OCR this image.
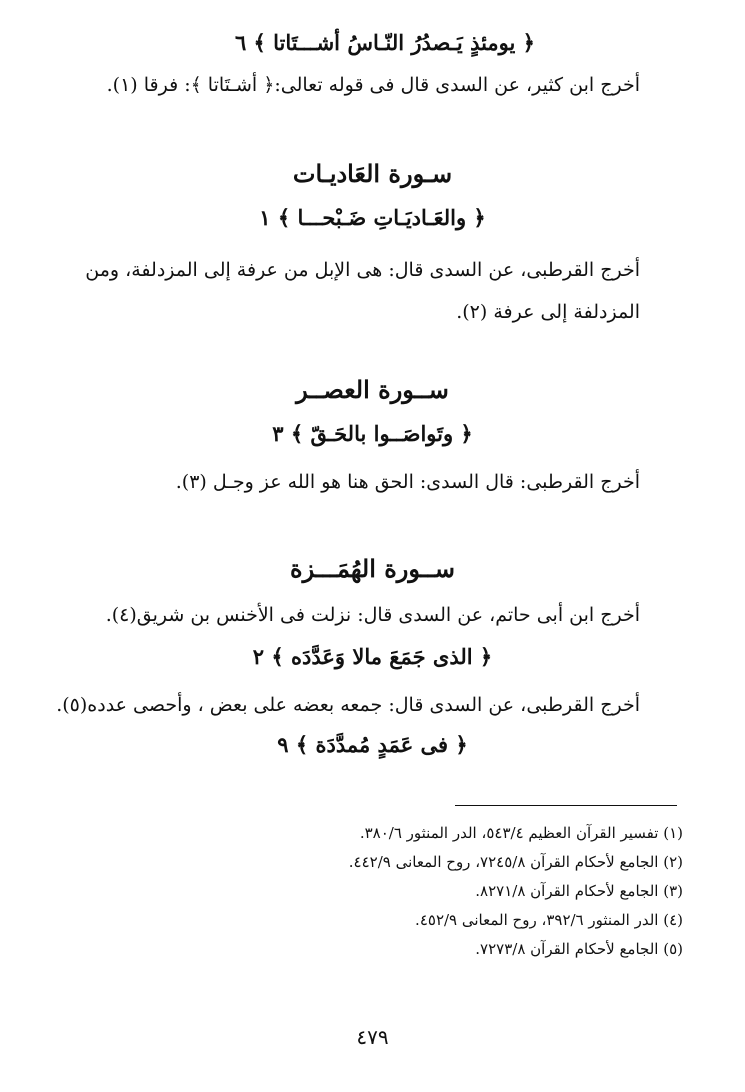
﴿ يومئذٍ يَـصدُرُ النّـاسُ أشـــتَاتا ﴾ ٦
أخرج ابن كثير، عن السدى قال فى قوله تعالى:﴿ أشـتَاتا ﴾: فرقا (١).
سـورة العَاديـات
﴿ والعَـاديَـاتِ ضَـبْحـــا ﴾ ١
أخرج القرطبى، عن السدى قال: هى الإبل من عرفة إلى المزدلفة، ومن المزدلفة إلى عرفة (٢).
ســورة العصــر
﴿ وتَواصَــوا بالحَـقّ ﴾ ٣
أخرج القرطبى: قال السدى: الحق هنا هو الله عز وجـل (٣).
ســورة الهُمَـــزة
أخرج ابن أبى حاتم، عن السدى قال: نزلت فى الأخنس بن شريق(٤).
﴿ الذى جَمَعَ مالا وَعَدَّدَه ﴾ ٢
أخرج القرطبى، عن السدى قال: جمعه بعضه على بعض ، وأحصى عدده(٥).
﴿ فى عَمَدٍ مُمدَّدَة ﴾ ٩
(١) تفسير القرآن العظيم ٥٤٣/٤، الدر المنثور ٣٨٠/٦.
(٢) الجامع لأحكام القرآن ٧٢٤٥/٨، روح المعانى ٤٤٢/٩.
(٣) الجامع لأحكام القرآن ٨٢٧١/٨.
(٤) الدر المنثور ٣٩٢/٦، روح المعانى ٤٥٢/٩.
(٥) الجامع لأحكام القرآن ٧٢٧٣/٨.
٤٧٩
